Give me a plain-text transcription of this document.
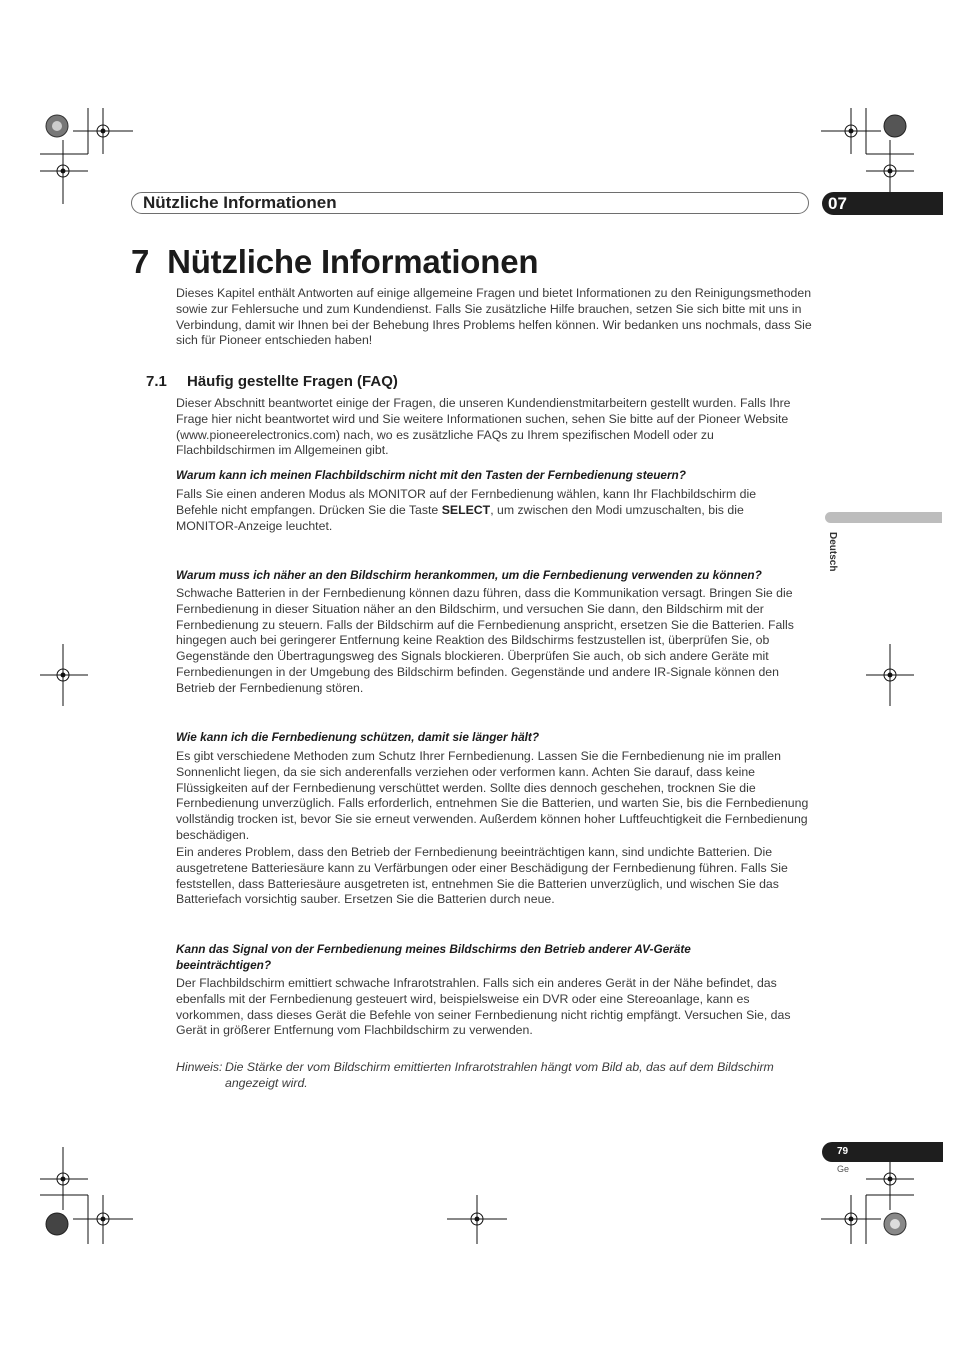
Nützliche Informationen	07
7  Nützliche Informationen
Dieses Kapitel enthält Antworten auf einige allgemeine Fragen und bietet Informationen zu den Reinigungsmethoden sowie zur Fehlersuche und zum Kundendienst. Falls Sie zusätzliche Hilfe brauchen, setzen Sie sich bitte mit uns in Verbindung, damit wir Ihnen bei der Behebung Ihres Problems helfen können. Wir bedanken uns nochmals, dass Sie sich für Pioneer entschieden haben!
7.1 Häufig gestellte Fragen (FAQ)
Dieser Abschnitt beantwortet einige der Fragen, die unseren Kundendienstmitarbeitern gestellt wurden. Falls Ihre Frage hier nicht beantwortet wird und Sie weitere Informationen suchen, sehen Sie bitte auf der Pioneer Website (www.pioneerelectronics.com) nach, wo es zusätzliche FAQs zu Ihrem spezifischen Modell oder zu Flachbildschirmen im Allgemeinen gibt.
Warum kann ich meinen Flachbildschirm nicht mit den Tasten der Fernbedienung steuern?
Falls Sie einen anderen Modus als MONITOR auf der Fernbedienung wählen, kann Ihr Flachbildschirm die Befehle nicht empfangen. Drücken Sie die Taste SELECT, um zwischen den Modi umzuschalten, bis die MONITOR-Anzeige leuchtet.
Warum muss ich näher an den Bildschirm herankommen, um die Fernbedienung verwenden zu können?
Schwache Batterien in der Fernbedienung können dazu führen, dass die Kommunikation versagt. Bringen Sie die Fernbedienung in dieser Situation näher an den Bildschirm, und versuchen Sie dann, den Bildschirm mit der Fernbedienung zu steuern. Falls der Bildschirm auf die Fernbedienung anspricht, ersetzen Sie die Batterien. Falls hingegen auch bei geringerer Entfernung keine Reaktion des Bildschirms festzustellen ist, überprüfen Sie, ob Gegenstände den Übertragungsweg des Signals blockieren. Überprüfen Sie auch, ob sich andere Geräte mit Fernbedienungen in der Umgebung des Bildschirm befinden. Gegenstände und andere IR-Signale können den Betrieb der Fernbedienung stören.
Wie kann ich die Fernbedienung schützen, damit sie länger hält?
Es gibt verschiedene Methoden zum Schutz Ihrer Fernbedienung. Lassen Sie die Fernbedienung nie im prallen Sonnenlicht liegen, da sie sich anderenfalls verziehen oder verformen kann. Achten Sie darauf, dass keine Flüssigkeiten auf der Fernbedienung verschüttet werden. Sollte dies dennoch geschehen, trocknen Sie die Fernbedienung unverzüglich. Falls erforderlich, entnehmen Sie die Batterien, und warten Sie, bis die Fernbedienung vollständig trocken ist, bevor Sie sie erneut verwenden. Außerdem können hoher Luftfeuchtigkeit die Fernbedienung beschädigen.
Ein anderes Problem, dass den Betrieb der Fernbedienung beeinträchtigen kann, sind undichte Batterien. Die ausgetretene Batteriesäure kann zu Verfärbungen oder einer Beschädigung der Fernbedienung führen. Falls Sie feststellen, dass Batteriesäure ausgetreten ist, entnehmen Sie die Batterien unverzüglich, und wischen Sie das Batteriefach vorsichtig sauber. Ersetzen Sie die Batterien durch neue.
Kann das Signal von der Fernbedienung meines Bildschirms den Betrieb anderer AV-Geräte
beeinträchtigen?
Der Flachbildschirm emittiert schwache Infrarotstrahlen. Falls sich ein anderes Gerät in der Nähe befindet, das ebenfalls mit der Fernbedienung gesteuert wird, beispielsweise ein DVR oder eine Stereoanlage, kann es vorkommen, dass dieses Gerät die Befehle von seiner Fernbedienung nicht richtig empfängt. Versuchen Sie, das Gerät in größerer Entfernung vom Flachbildschirm zu verwenden.
Hinweis: Die Stärke der vom Bildschirm emittierten Infrarotstrahlen hängt vom Bild ab, das auf dem Bildschirm
angezeigt wird.
Deutsch
79
Ge
